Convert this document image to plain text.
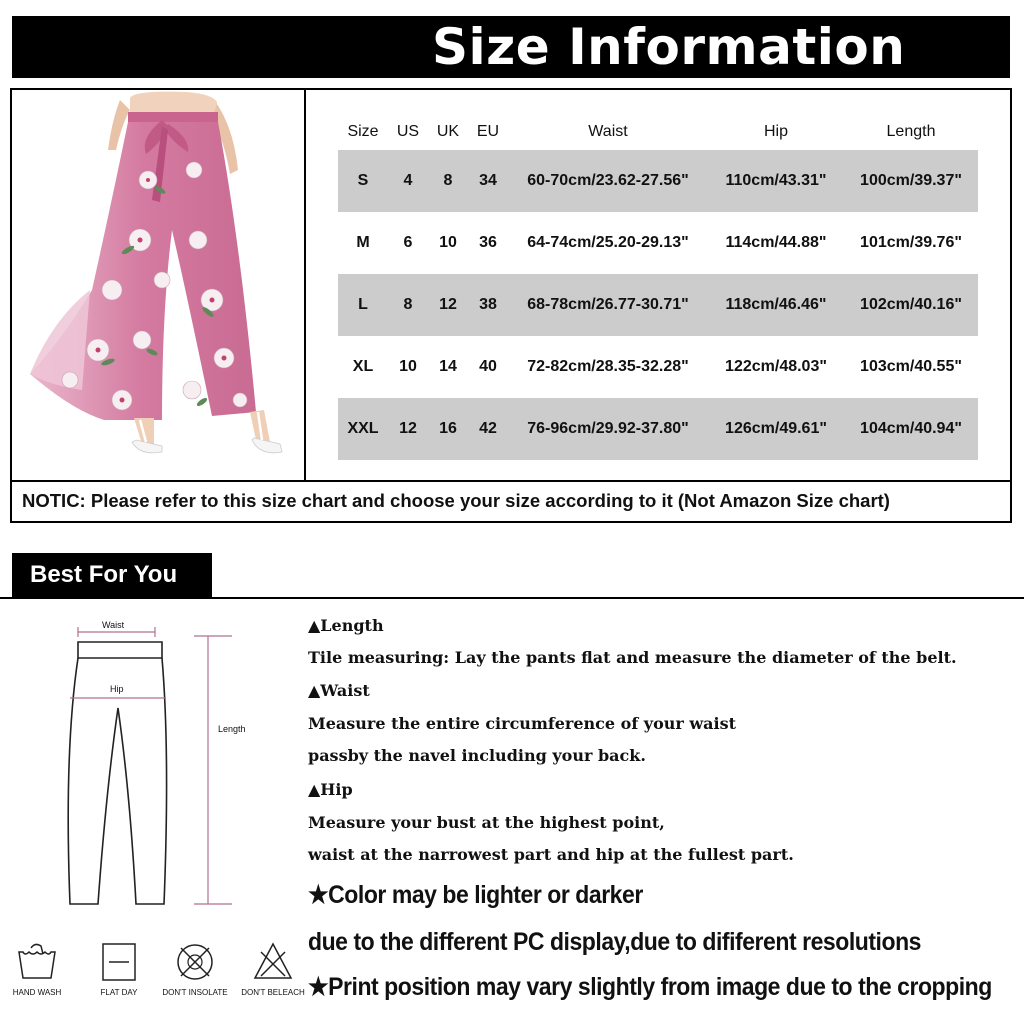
Size Information
Size	US	UK	EU	Waist	Hip	Length
S	4	8	34	60-70cm/23.62-27.56"	110cm/43.31"	100cm/39.37"
M	6	10	36	64-74cm/25.20-29.13"	114cm/44.88"	101cm/39.76"
L	8	12	38	68-78cm/26.77-30.71"	118cm/46.46"	102cm/40.16"
XL	10	14	40	72-82cm/28.35-32.28"	122cm/48.03"	103cm/40.55"
XXL	12	16	42	76-96cm/29.92-37.80"	126cm/49.61"	104cm/40.94"
NOTIC: Please refer to this size chart and choose your size according to it (Not Amazon Size chart)
Best For You
Waist
Hip
Length
▲Length
Tile measuring: Lay the pants flat and measure the diameter of the belt.
▲Waist
Measure the entire circumference of your waist
passby the navel including your back.
▲Hip
Measure your bust at the highest point,
waist at the narrowest part and hip at the fullest part.
★Color may be lighter or darker
due to the different PC display,due to dififerent resolutions
★Print position may vary slightly from image due to the cropping
HAND WASH	FLAT DAY	DON'T INSOLATE	DON'T BELEACH
